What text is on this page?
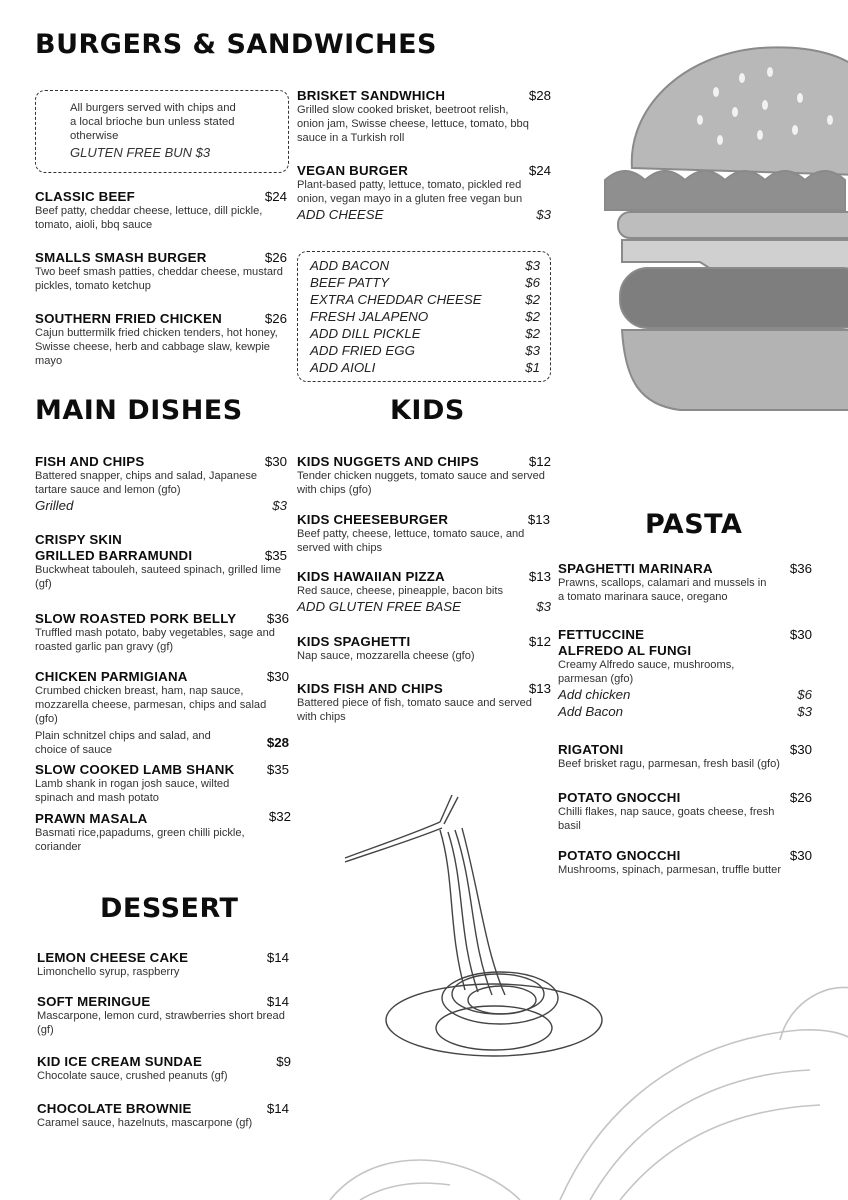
BURGERS & SANDWICHES
All burgers served with chips and
a local brioche bun unless stated
otherwise
GLUTEN FREE BUN $3
CLASSIC BEEF	$24
Beef patty, cheddar cheese, lettuce, dill pickle, tomato, aioli, bbq sauce
SMALLS SMASH BURGER	$26
Two beef smash patties, cheddar cheese, mustard pickles, tomato ketchup
SOUTHERN FRIED CHICKEN	$26
Cajun buttermilk fried chicken tenders, hot honey, Swisse cheese, herb and cabbage slaw, kewpie mayo
BRISKET SANDWHICH	$28
Grilled slow cooked brisket, beetroot relish, onion jam, Swisse cheese, lettuce, tomato, bbq sauce in a Turkish roll
VEGAN BURGER	$24
Plant-based patty, lettuce, tomato, pickled red onion, vegan mayo in a gluten free vegan bun
ADD CHEESE	$3
ADD BACON	$3
BEEF PATTY	$6
EXTRA CHEDDAR CHEESE	$2
FRESH JALAPENO	$2
ADD DILL PICKLE	$2
ADD FRIED EGG	$3
ADD AIOLI	$1
MAIN DISHES
FISH AND CHIPS	$30
Battered snapper, chips and salad, Japanese tartare sauce and lemon (gfo)
Grilled	$3
CRISPY SKIN
GRILLED BARRAMUNDI	$35
Buckwheat tabouleh, sauteed spinach, grilled lime (gf)
SLOW ROASTED PORK BELLY	$36
Truffled mash potato, baby vegetables, sage and roasted garlic pan gravy (gf)
CHICKEN PARMIGIANA	$30
Crumbed chicken breast, ham, nap sauce, mozzarella cheese, parmesan, chips and salad (gfo)
Plain schnitzel chips and salad, and choice of sauce	$28
SLOW COOKED LAMB SHANK	$35
Lamb shank in rogan josh sauce, wilted spinach and mash potato
PRAWN MASALA	$32
Basmati rice,papadums, green chilli pickle, coriander
KIDS
KIDS NUGGETS AND CHIPS	$12
Tender chicken nuggets, tomato sauce and served with chips (gfo)
KIDS CHEESEBURGER	$13
Beef patty, cheese, lettuce, tomato sauce, and served with chips
KIDS HAWAIIAN PIZZA	$13
Red sauce, cheese, pineapple, bacon bits
ADD GLUTEN FREE BASE	$3
KIDS SPAGHETTI	$12
Nap sauce, mozzarella cheese (gfo)
KIDS FISH AND CHIPS	$13
Battered piece of fish, tomato sauce and served with chips
PASTA
SPAGHETTI MARINARA	$36
Prawns, scallops, calamari and mussels in a tomato marinara sauce, oregano
FETTUCCINE	$30
ALFREDO AL FUNGI
Creamy Alfredo sauce, mushrooms, parmesan (gfo)
Add chicken	$6
Add Bacon	$3
RIGATONI	$30
Beef brisket ragu, parmesan, fresh basil (gfo)
POTATO GNOCCHI	$26
Chilli flakes, nap sauce, goats cheese, fresh basil
POTATO GNOCCHI	$30
Mushrooms, spinach, parmesan, truffle butter
DESSERT
LEMON CHEESE CAKE	$14
Limonchello syrup, raspberry
SOFT MERINGUE	$14
Mascarpone, lemon curd, strawberries short bread (gf)
KID ICE CREAM SUNDAE	$9
Chocolate sauce, crushed peanuts (gf)
CHOCOLATE BROWNIE	$14
Caramel sauce, hazelnuts, mascarpone (gf)
